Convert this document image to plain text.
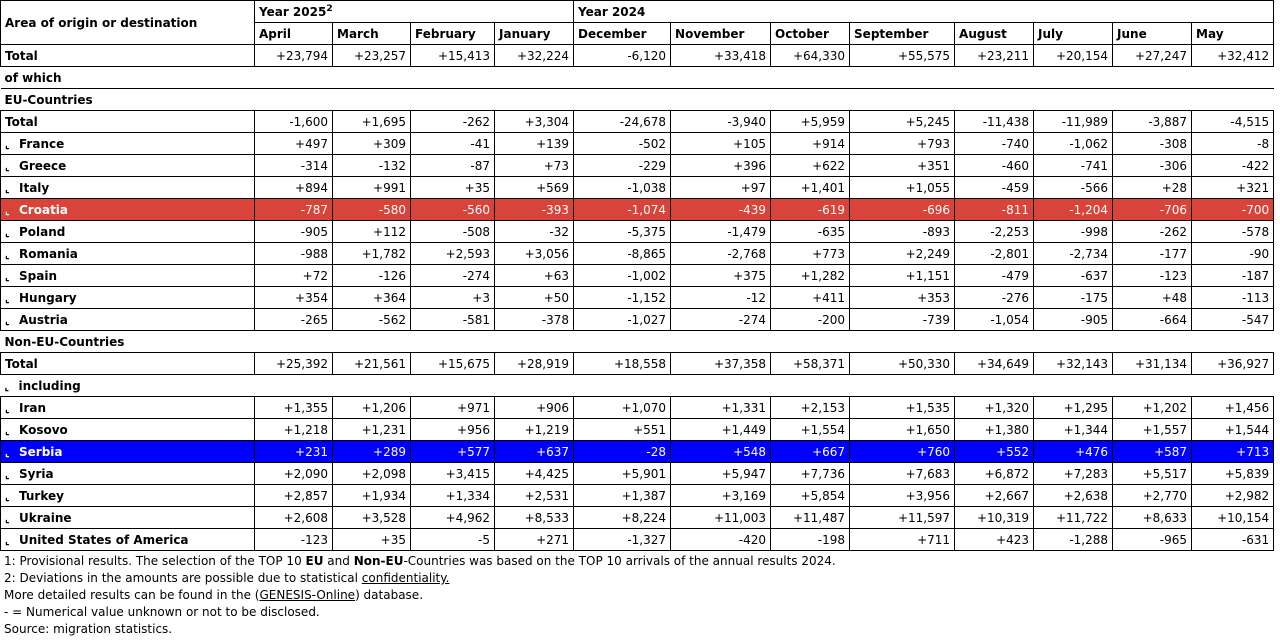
Area of origin or destination	Year 2025$^2$				Year 2024							
	April	March	February	January	December	November	October	September	August	July	June	May
Total	+23,794	+23,257	+15,413	+32,224	-6,120	+33,418	+64,330	+55,575	+23,211	+20,154	+27,247	+32,412
of which												
EU-Countries												
Total	-1,600	+1,695	-262	+3,304	-24,678	-3,940	+5,959	+5,245	-11,438	-11,989	-3,887	-4,515
⌞ France	+497	+309	-41	+139	-502	+105	+914	+793	-740	-1,062	-308	-8
⌞ Greece	-314	-132	-87	+73	-229	+396	+622	+351	-460	-741	-306	-422
⌞ Italy	+894	+991	+35	+569	-1,038	+97	+1,401	+1,055	-459	-566	+28	+321
⌞ Croatia	-787	-580	-560	-393	-1,074	-439	-619	-696	-811	-1,204	-706	-700
⌞ Poland	-905	+112	-508	-32	-5,375	-1,479	-635	-893	-2,253	-998	-262	-578
⌞ Romania	-988	+1,782	+2,593	+3,056	-8,865	-2,768	+773	+2,249	-2,801	-2,734	-177	-90
⌞ Spain	+72	-126	-274	+63	-1,002	+375	+1,282	+1,151	-479	-637	-123	-187
⌞ Hungary	+354	+364	+3	+50	-1,152	-12	+411	+353	-276	-175	+48	-113
⌞ Austria	-265	-562	-581	-378	-1,027	-274	-200	-739	-1,054	-905	-664	-547
Non-EU-Countries												
Total	+25,392	+21,561	+15,675	+28,919	+18,558	+37,358	+58,371	+50,330	+34,649	+32,143	+31,134	+36,927
⌞ including												
⌞ Iran	+1,355	+1,206	+971	+906	+1,070	+1,331	+2,153	+1,535	+1,320	+1,295	+1,202	+1,456
⌞ Kosovo	+1,218	+1,231	+956	+1,219	+551	+1,449	+1,554	+1,650	+1,380	+1,344	+1,557	+1,544
⌞ Serbia	+231	+289	+577	+637	-28	+548	+667	+760	+552	+476	+587	+713
⌞ Syria	+2,090	+2,098	+3,415	+4,425	+5,901	+5,947	+7,736	+7,683	+6,872	+7,283	+5,517	+5,839
⌞ Turkey	+2,857	+1,934	+1,334	+2,531	+1,387	+3,169	+5,854	+3,956	+2,667	+2,638	+2,770	+2,982
⌞ Ukraine	+2,608	+3,528	+4,962	+8,533	+8,224	+11,003	+11,487	+11,597	+10,319	+11,722	+8,633	+10,154
⌞ United States of America	-123	+35	-5	+271	-1,327	-420	-198	+711	+423	-1,288	-965	-631
1: Provisional results. The selection of the TOP 10 EU and Non-EU-Countries was based on the TOP 10 arrivals of the annual results 2024.
2: Deviations in the amounts are possible due to statistical confidentiality.
More detailed results can be found in the (GENESIS-Online) database.
- = Numerical value unknown or not to be disclosed.
Source: migration statistics.
